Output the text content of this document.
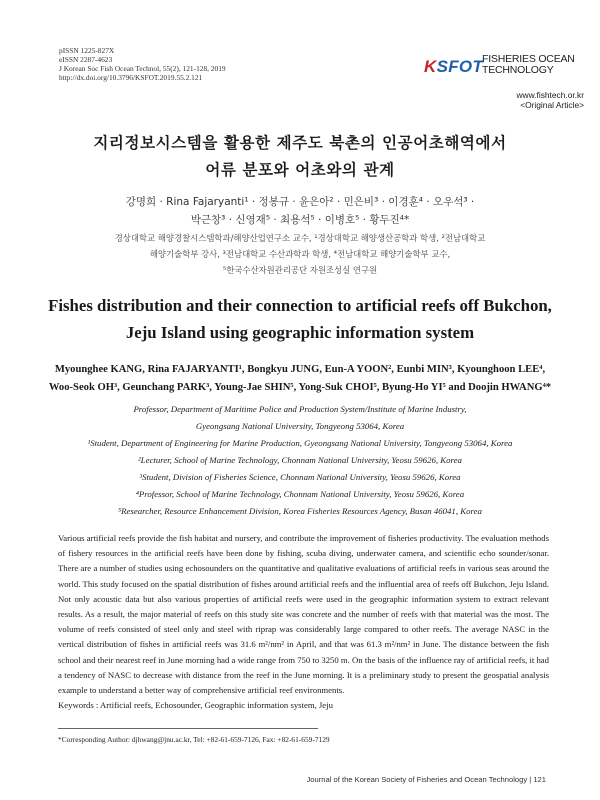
pISSN 1225-827X
eISSN 2287-4623
J Korean Soc Fish Ocean Technol, 55(2), 121-128, 2019
http://dx.doi.org/10.3796/KSFOT.2019.55.2.121
KSFOT
FISHERIES OCEAN
TECHNOLOGY
www.fishtech.or.kr
<Original Article>
지리정보시스템을 활용한 제주도 북촌의 인공어초해역에서
어류 분포와 어초와의 관계
강명희 · Rina Fajaryanti¹ · 정봉규 · 윤은아² · 민은비³ · 이경훈⁴ · 오우석³ ·
박근창³ · 신영재⁵ · 최용석⁵ · 이병호⁵ · 황두진⁴*
경상대학교 해양경찰시스템학과/해양산업연구소 교수, ¹경상대학교 해양생산공학과 학생, ²전남대학교
해양기술학부 강사, ³전남대학교 수산과학과 학생, ⁴전남대학교 해양기술학부 교수,
⁵한국수산자원관리공단 자원조성실 연구원
Fishes distribution and their connection to artificial reefs off Bukchon,
Jeju Island using geographic information system
Myounghee KANG, Rina FAJARYANTI¹, Bongkyu JUNG, Eun-A YOON², Eunbi MIN³, Kyounghoon LEE⁴,
Woo-Seok OH³, Geunchang PARK³, Young-Jae SHIN⁵, Yong-Suk CHOI⁵, Byung-Ho YI⁵ and Doojin HWANG⁴*
Professor, Department of Maritime Police and Production System/Institute of Marine Industry,
Gyeongsang National University, Tongyeong 53064, Korea
¹Student, Department of Engineering for Marine Production, Gyeongsang National University, Tongyeong 53064, Korea
²Lecturer, School of Marine Technology, Chonnam National University, Yeosu 59626, Korea
³Student, Division of Fisheries Science, Chonnam National University, Yeosu 59626, Korea
⁴Professor, School of Marine Technology, Chonnam National University, Yeosu 59626, Korea
⁵Researcher, Resource Enhancement Division, Korea Fisheries Resources Agency, Busan 46041, Korea
Various artificial reefs provide the fish habitat and nursery, and contribute the improvement of fisheries productivity. The evaluation methods of fishery resources in the artificial reefs have been done by fishing, scuba diving, underwater camera, and scientific echo sounder/sonar. There are a number of studies using echosounders on the quantitative and qualitative evaluations of artificial reefs in various seas around the world. This study focused on the spatial distribution of fishes around artificial reefs and the influential area of reefs off Bukchon, Jeju Island. Not only acoustic data but also various properties of artificial reefs were used in the geographic information system to extract relevant results. As a result, the major material of reefs on this study site was concrete and the number of reefs with that material was the most. The volume of reefs consisted of steel only and steel with riprap was considerably large compared to other reefs. The average NASC in the vertical distribution of fishes in artificial reefs was 31.6 m²/nm² in April, and that was 61.3 m²/nm² in June. The distance between the fish school and their nearest reef in June morning had a wide range from 750 to 3250 m. On the basis of the influence ray of artificial reefs, it had a tendency of NASC to decrease with distance from the reef in the June morning. It is a preliminary study to present the geospatial analysis example to understand a better way of comprehensive artificial reef environments.
Keywords : Artificial reefs, Echosounder, Geographic information system, Jeju
*Corresponding Author: djhwang@jnu.ac.kr, Tel: +82-61-659-7126, Fax: +82-61-659-7129
Journal of the Korean Society of Fisheries and Ocean Technology | 121
